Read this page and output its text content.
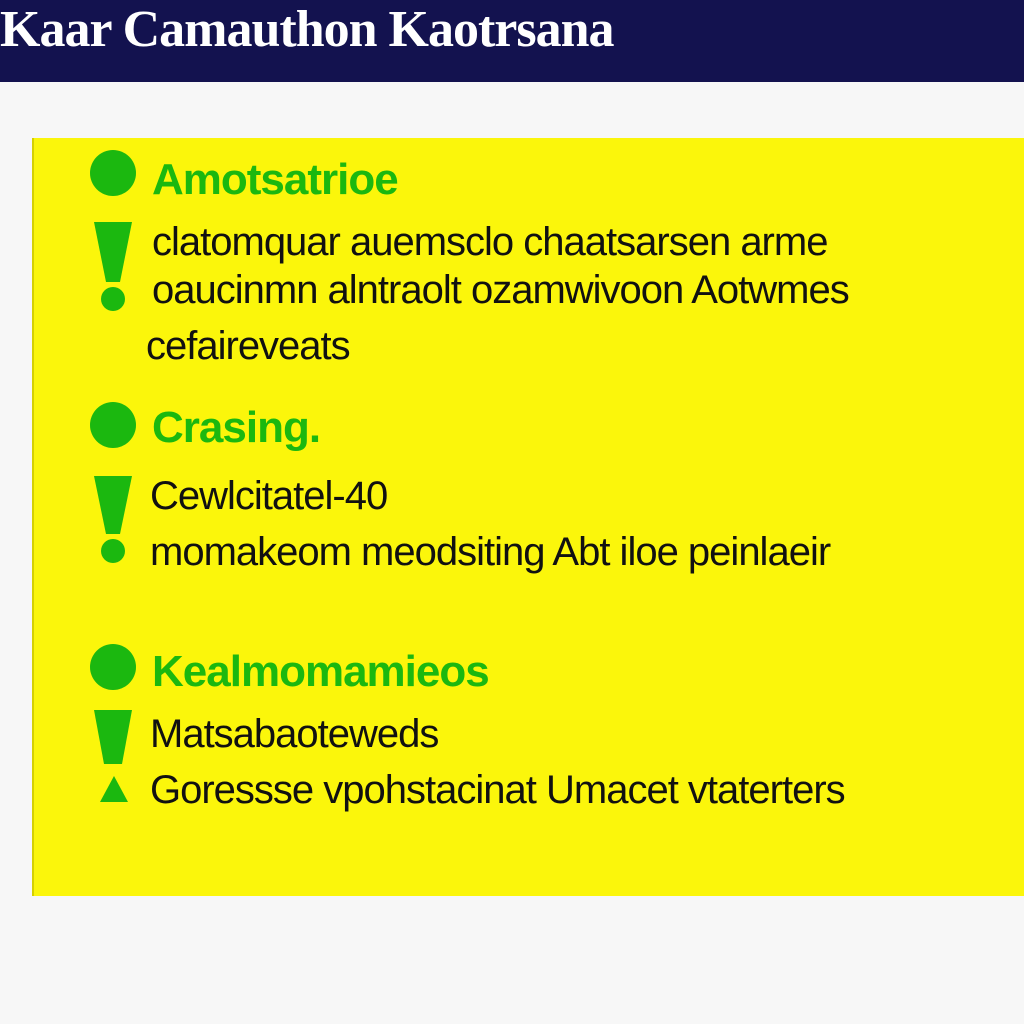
Kaar Camauthon Kaotrsana
Amotsatrioe
clatomquar auemsclo chaatsarsen arme
oaucinmn alntraolt ozamwivoon Aotwmes
cefaireveats
Crasing.
Cewlcitatel-40
momakeom meodsiting Abt iloe peinlaeir
Kealmomamieos
Matsabaoteweds
Goressse vpohstacinat Umacet vtaterters
